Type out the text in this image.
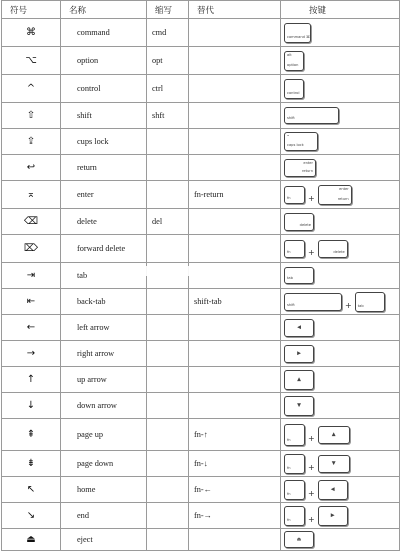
符号	名称	缩写	替代	按键
⌘	command	cmd		command ⌘

⌥	option	opt		alt
option

^	control	ctrl		control

⇧	shift	shft		shift

⇪	cups lock			•
caps lock

↩	return			enter
return

⌅	enter		fn-return	fn +
enter
return

⌫	delete	del		delete

⌦	forward delete			fn + delete

⇥	tab			tab

⇤	back-tab		shift-tab	shift + tab

←	left arrow			◀

→	right arrow			▶

↑	up arrow			▲

↓	down arrow			▼

⇞	page up		fn-↑	fn + ▲

⇟	page down		fn-↓	fn + ▼

↖	home		fn-←	fn + ◀

↘	end		fn-→	fn + ▶

⏏	eject			⏏
